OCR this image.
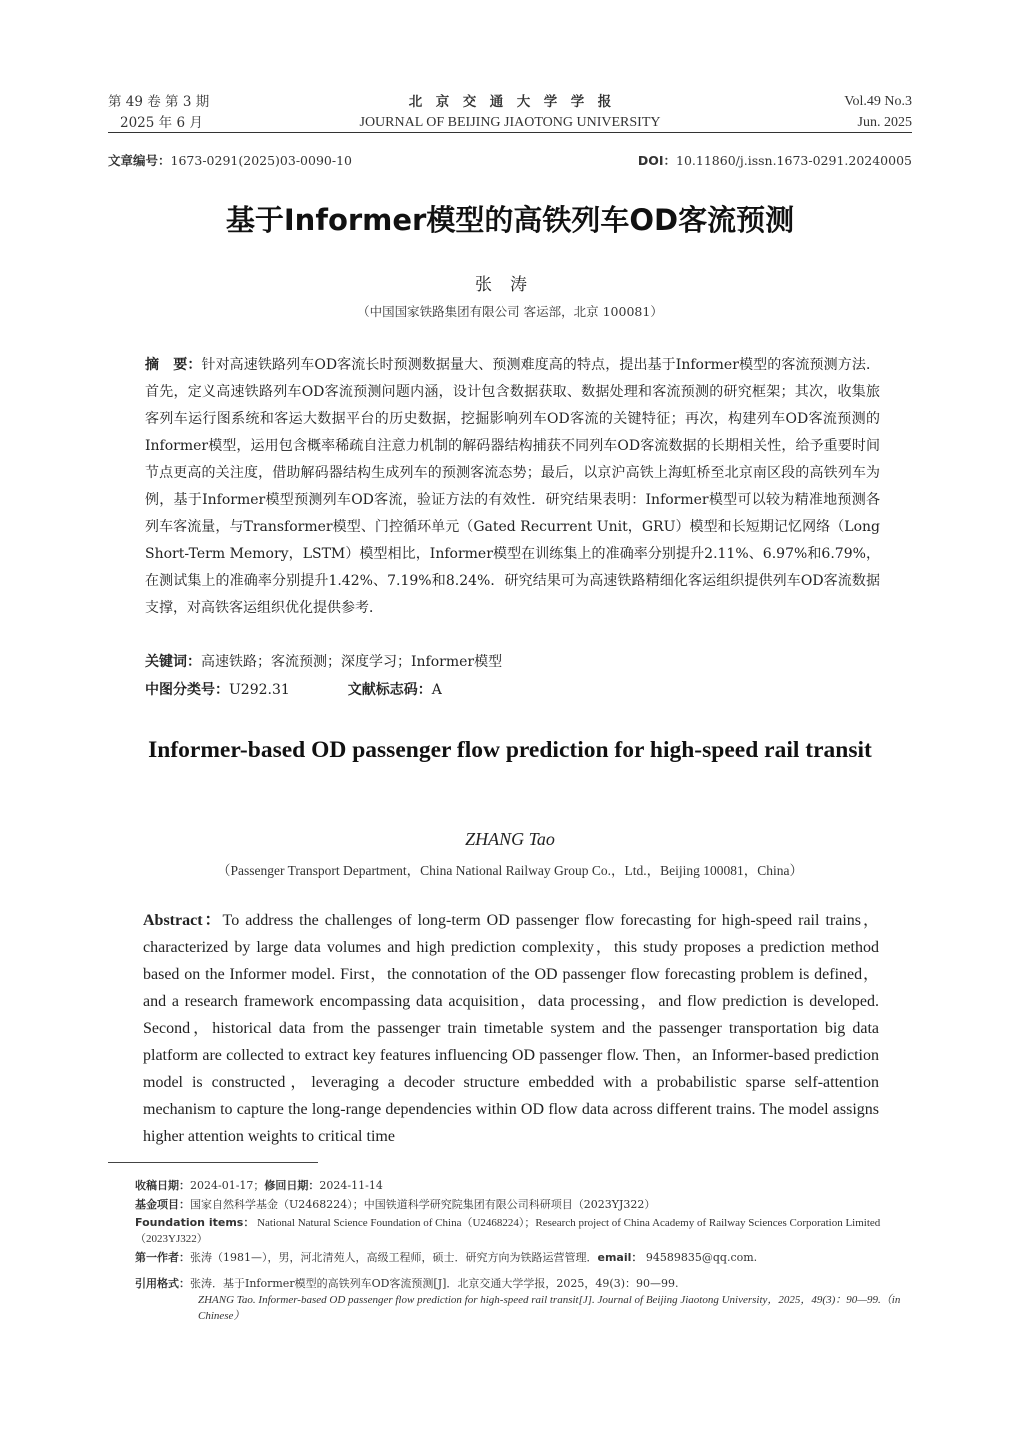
第 49 卷 第 3 期
2025 年 6 月
北　京　交　通　大　学　学　报
JOURNAL OF BEIJING JIAOTONG UNIVERSITY
Vol.49 No.3
Jun. 2025
文章编号：1673-0291(2025)03-0090-10	DOI：10.11860/j.issn.1673-0291.20240005
基于Informer模型的高铁列车OD客流预测
张涛
（中国国家铁路集团有限公司 客运部，北京 100081）
摘　要：针对高速铁路列车OD客流长时预测数据量大、预测难度高的特点，提出基于Informer模型的客流预测方法．首先，定义高速铁路列车OD客流预测问题内涵，设计包含数据获取、数据处理和客流预测的研究框架；其次，收集旅客列车运行图系统和客运大数据平台的历史数据，挖掘影响列车OD客流的关键特征；再次，构建列车OD客流预测的Informer模型，运用包含概率稀疏自注意力机制的解码器结构捕获不同列车OD客流数据的长期相关性，给予重要时间节点更高的关注度，借助解码器结构生成列车的预测客流态势；最后，以京沪高铁上海虹桥至北京南区段的高铁列车为例，基于Informer模型预测列车OD客流，验证方法的有效性．研究结果表明：Informer模型可以较为精准地预测各列车客流量，与Transformer模型、门控循环单元（Gated Recurrent Unit，GRU）模型和长短期记忆网络（Long Short-Term Memory，LSTM）模型相比，Informer模型在训练集上的准确率分别提升2.11%、6.97%和6.79%，在测试集上的准确率分别提升1.42%、7.19%和8.24%．研究结果可为高速铁路精细化客运组织提供列车OD客流数据支撑，对高铁客运组织优化提供参考．
关键词：高速铁路；客流预测；深度学习；Informer模型
中图分类号：U292.31	文献标志码：A
Informer-based OD passenger flow prediction for high-speed rail transit
ZHANG Tao
（Passenger Transport Department，China National Railway Group Co.，Ltd.，Beijing 100081，China）
Abstract：To address the challenges of long-term OD passenger flow forecasting for high-speed rail trains，characterized by large data volumes and high prediction complexity，this study proposes a prediction method based on the Informer model. First，the connotation of the OD passenger flow forecasting problem is defined，and a research framework encompassing data acquisition，data processing，and flow prediction is developed. Second，historical data from the passenger train timetable system and the passenger transportation big data platform are collected to extract key features influencing OD passenger flow. Then，an Informer-based prediction model is constructed，leveraging a decoder structure embedded with a probabilistic sparse self-attention mechanism to capture the long-range dependencies within OD flow data across different trains. The model assigns higher attention weights to critical time
收稿日期：2024-01-17；修回日期：2024-11-14
基金项目：国家自然科学基金（U2468224）；中国铁道科学研究院集团有限公司科研项目（2023YJ322）
Foundation items： National Natural Science Foundation of China（U2468224）；Research project of China Academy of Railway Sciences Corporation Limited（2023YJ322）
第一作者：张涛（1981—），男，河北清苑人，高级工程师，硕士．研究方向为铁路运营管理．email： 94589835@qq.com.
引用格式：张涛．基于Informer模型的高铁列车OD客流预测[J]．北京交通大学学报，2025，49(3)：90—99.
ZHANG Tao. Informer-based OD passenger flow prediction for high-speed rail transit[J]. Journal of Beijing Jiaotong University，2025，49(3)：90—99.（in Chinese）
